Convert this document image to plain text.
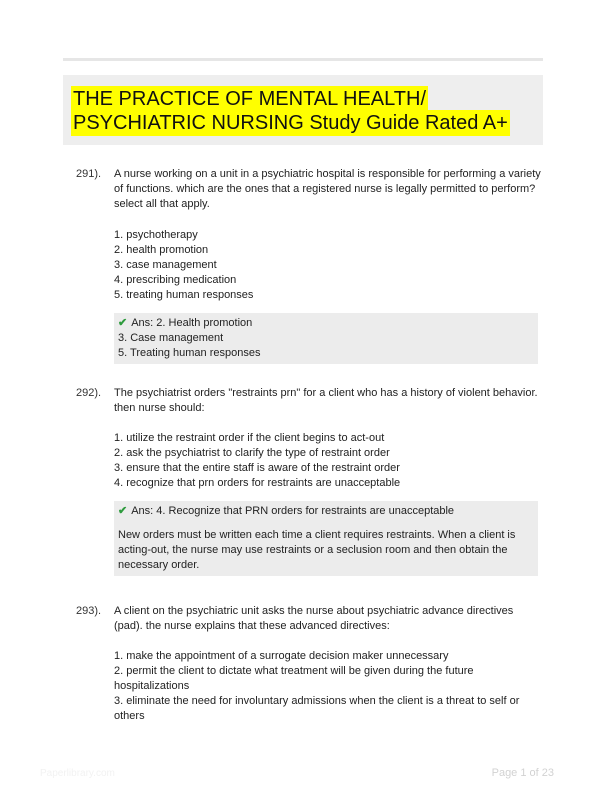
THE PRACTICE OF MENTAL HEALTH/
PSYCHIATRIC NURSING Study Guide Rated A+
291). A nurse working on a unit in a psychiatric hospital is responsible for performing a variety of functions. which are the ones that a registered nurse is legally permitted to perform? select all that apply.
1. psychotherapy
2. health promotion
3. case management
4. prescribing medication
5. treating human responses
✔ Ans: 2. Health promotion
3. Case management
5. Treating human responses
292). The psychiatrist orders "restraints prn" for a client who has a history of violent behavior. then nurse should:
1. utilize the restraint order if the client begins to act-out
2. ask the psychiatrist to clarify the type of restraint order
3. ensure that the entire staff is aware of the restraint order
4. recognize that prn orders for restraints are unacceptable
✔ Ans: 4. Recognize that PRN orders for restraints are unacceptable
New orders must be written each time a client requires restraints. When a client is acting-out, the nurse may use restraints or a seclusion room and then obtain the necessary order.
293). A client on the psychiatric unit asks the nurse about psychiatric advance directives (pad). the nurse explains that these advanced directives:
1. make the appointment of a surrogate decision maker unnecessary
2. permit the client to dictate what treatment will be given during the future hospitalizations
3. eliminate the need for involuntary admissions when the client is a threat to self or others
Paperlibrary.com	Page 1 of 23
